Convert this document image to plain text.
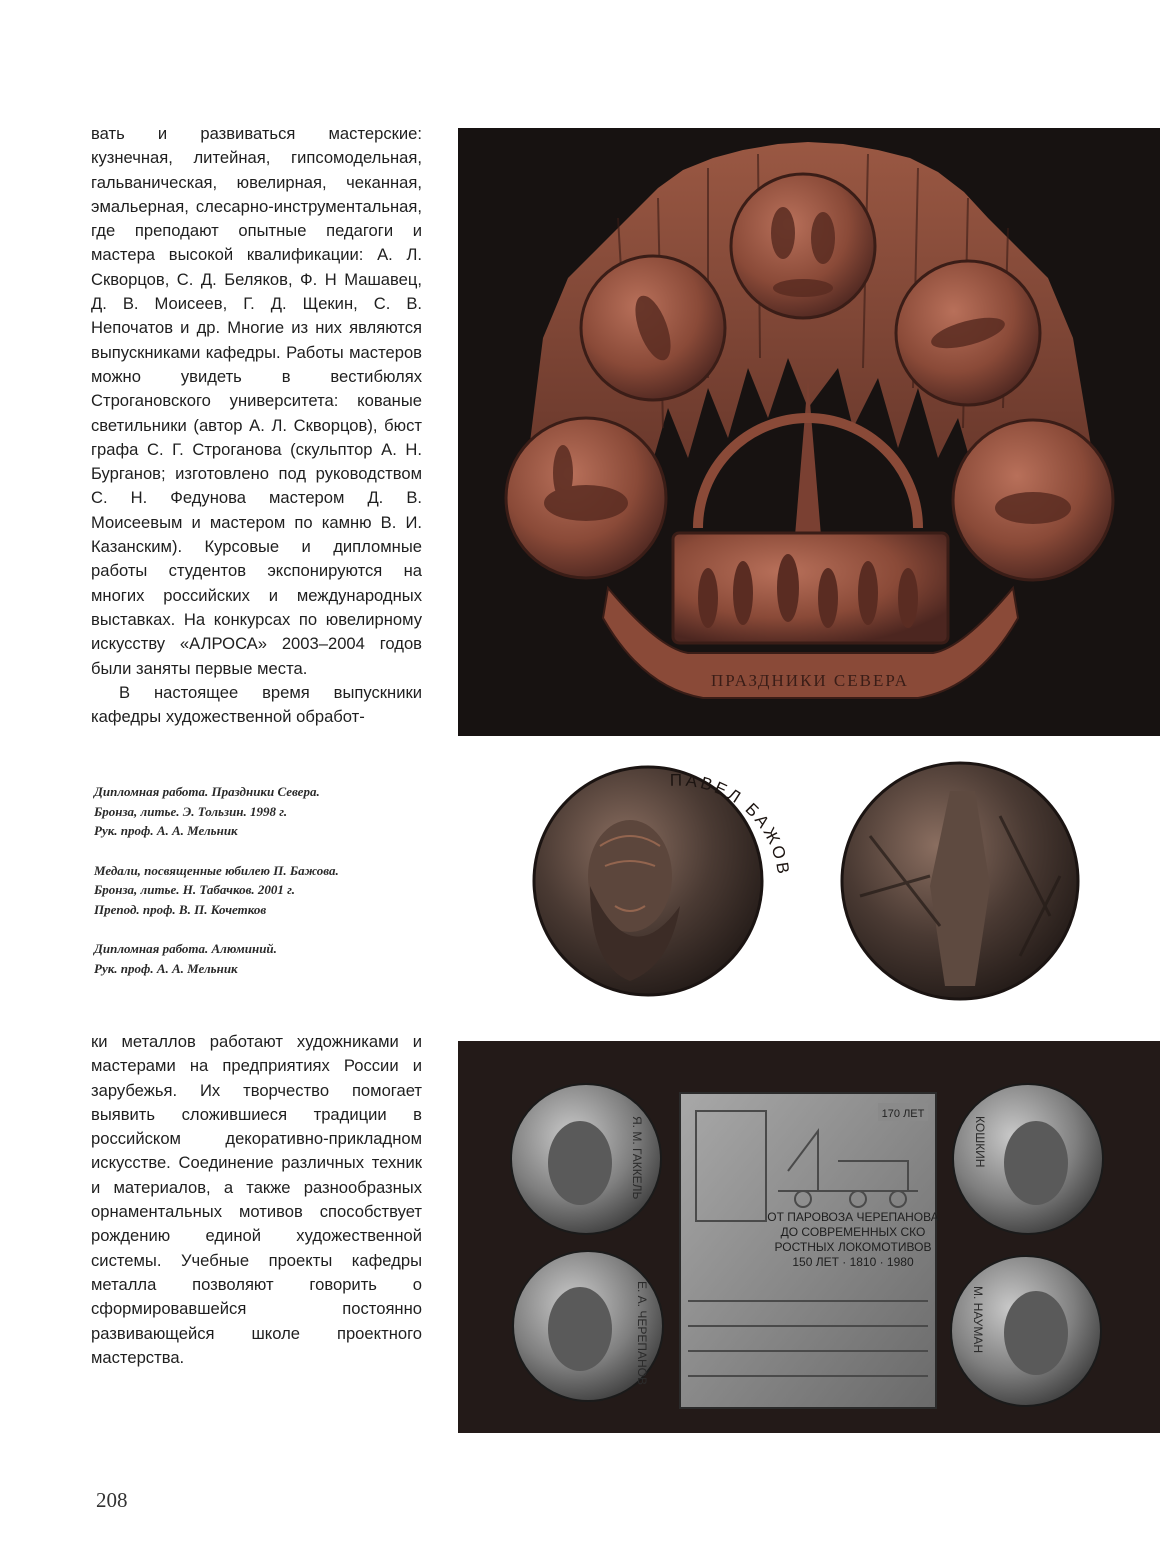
вать и развиваться мастерские: кузнечная, литейная, гипсомодельная, гальваническая, ювелирная, чеканная, эмальерная, слесарно-инструментальная, где преподают опытные педагоги и мастера высокой квалификации: А. Л. Скворцов, С. Д. Беляков, Ф. Н Машавец, Д. В. Моисеев, Г. Д. Щекин, С. В. Непочатов и др. Многие из них являются выпускниками кафедры. Работы мастеров можно увидеть в вестибюлях Строгановского университета: кованые светильники (автор А. Л. Скворцов), бюст графа С. Г. Строганова (скульптор А. Н. Бурганов; изготовлено под руководством С. Н. Федунова мастером Д. В. Моисеевым и мастером по камню В. И. Казанским). Курсовые и дипломные работы студентов экспонируются на многих российских и международных выставках. На конкурсах по ювелирному искусству «АЛРОСА» 2003–2004 годов были заняты первые места.

В настоящее время выпускники кафедры художественной обработ-

Дипломная работа. Праздники Севера.
Бронза, литье. Э. Тользин. 1998 г.
Рук. проф. А. А. Мельник
Медали, посвященные юбилею П. Бажова.
Бронза, литье. Н. Табачков. 2001 г.
Препод. проф. В. П. Кочетков
Дипломная работа. Алюминий.
Рук. проф. А. А. Мельник

ки металлов работают художниками и мастерами на предприятиях России и зарубежья. Их творчество помогает выявить сложившиеся традиции в российском декоративно-прикладном искусстве. Соединение различных техник и материалов, а также разнообразных орнаментальных мотивов способствует рождению единой художественной системы. Учебные проекты кафедры металла позволяют говорить о сформировавшейся постоянно развивающейся школе проектного мастерства.

208
ПРАЗДНИКИ СЕВЕРА
ПАВЕЛ БАЖОВ
Я. М. ГАККЕЛЬ
Е. А. ЧЕРЕПАНОВ
КОШКИН
М. НАУМАН
170 ЛЕТ
ОТ ПАРОВОЗА ЧЕРЕПАНОВА
ДО СОВРЕМЕННЫХ СКО
РОСТНЫХ ЛОКОМОТИВОВ
150 ЛЕТ · 1810 · 1980
